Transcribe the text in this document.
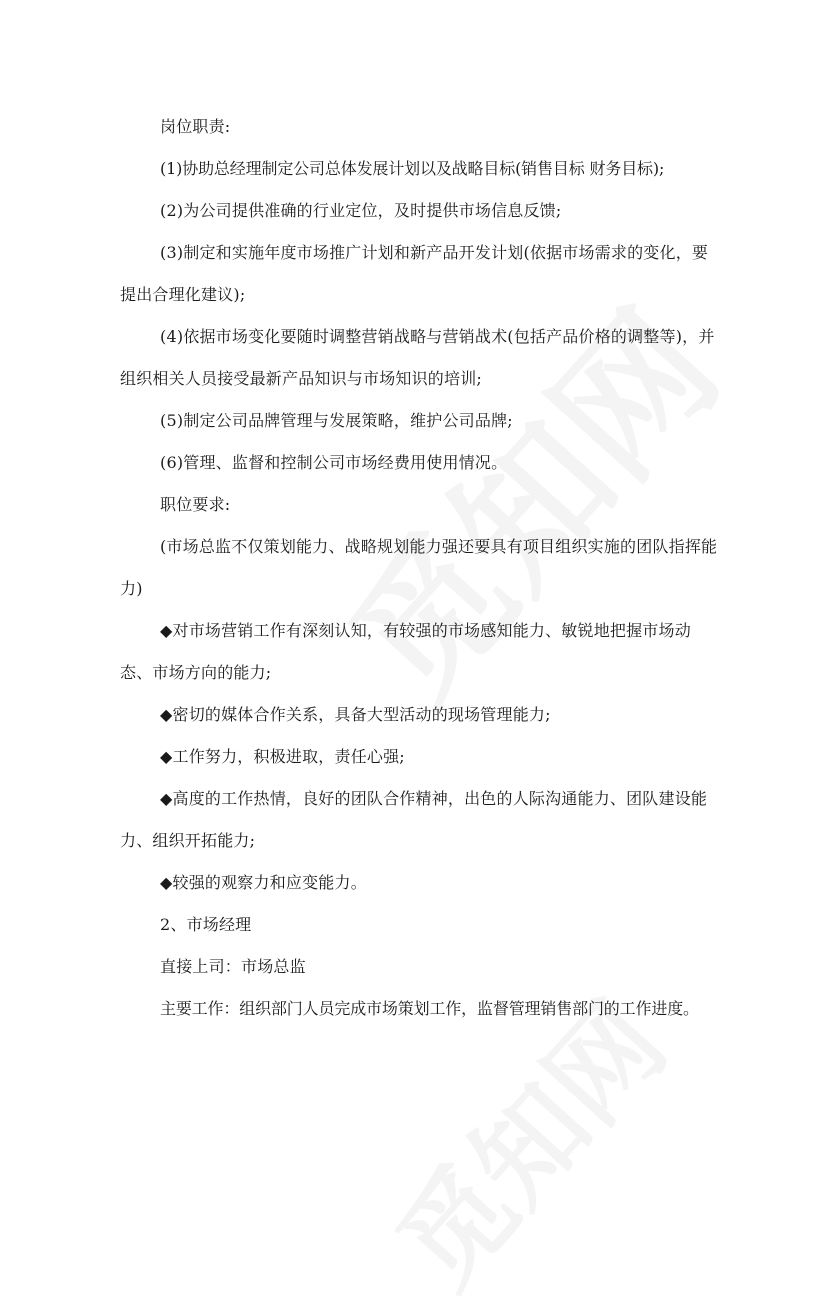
岗位职责:

(1)协助总经理制定公司总体发展计划以及战略目标(销售目标 财务目标);

(2)为公司提供准确的行业定位，及时提供市场信息反馈;

(3)制定和实施年度市场推广计划和新产品开发计划(依据市场需求的变化，要提出合理化建议);

(4)依据市场变化要随时调整营销战略与营销战术(包括产品价格的调整等)，并组织相关人员接受最新产品知识与市场知识的培训;

(5)制定公司品牌管理与发展策略，维护公司品牌;

(6)管理、监督和控制公司市场经费用使用情况。

职位要求:

(市场总监不仅策划能力、战略规划能力强还要具有项目组织实施的团队指挥能力)

◆对市场营销工作有深刻认知，有较强的市场感知能力、敏锐地把握市场动态、市场方向的能力;

◆密切的媒体合作关系，具备大型活动的现场管理能力;

◆工作努力，积极进取，责任心强;

◆高度的工作热情，良好的团队合作精神，出色的人际沟通能力、团队建设能力、组织开拓能力;

◆较强的观察力和应变能力。

2、市场经理

直接上司：市场总监

主要工作：组织部门人员完成市场策划工作，监督管理销售部门的工作进度。
